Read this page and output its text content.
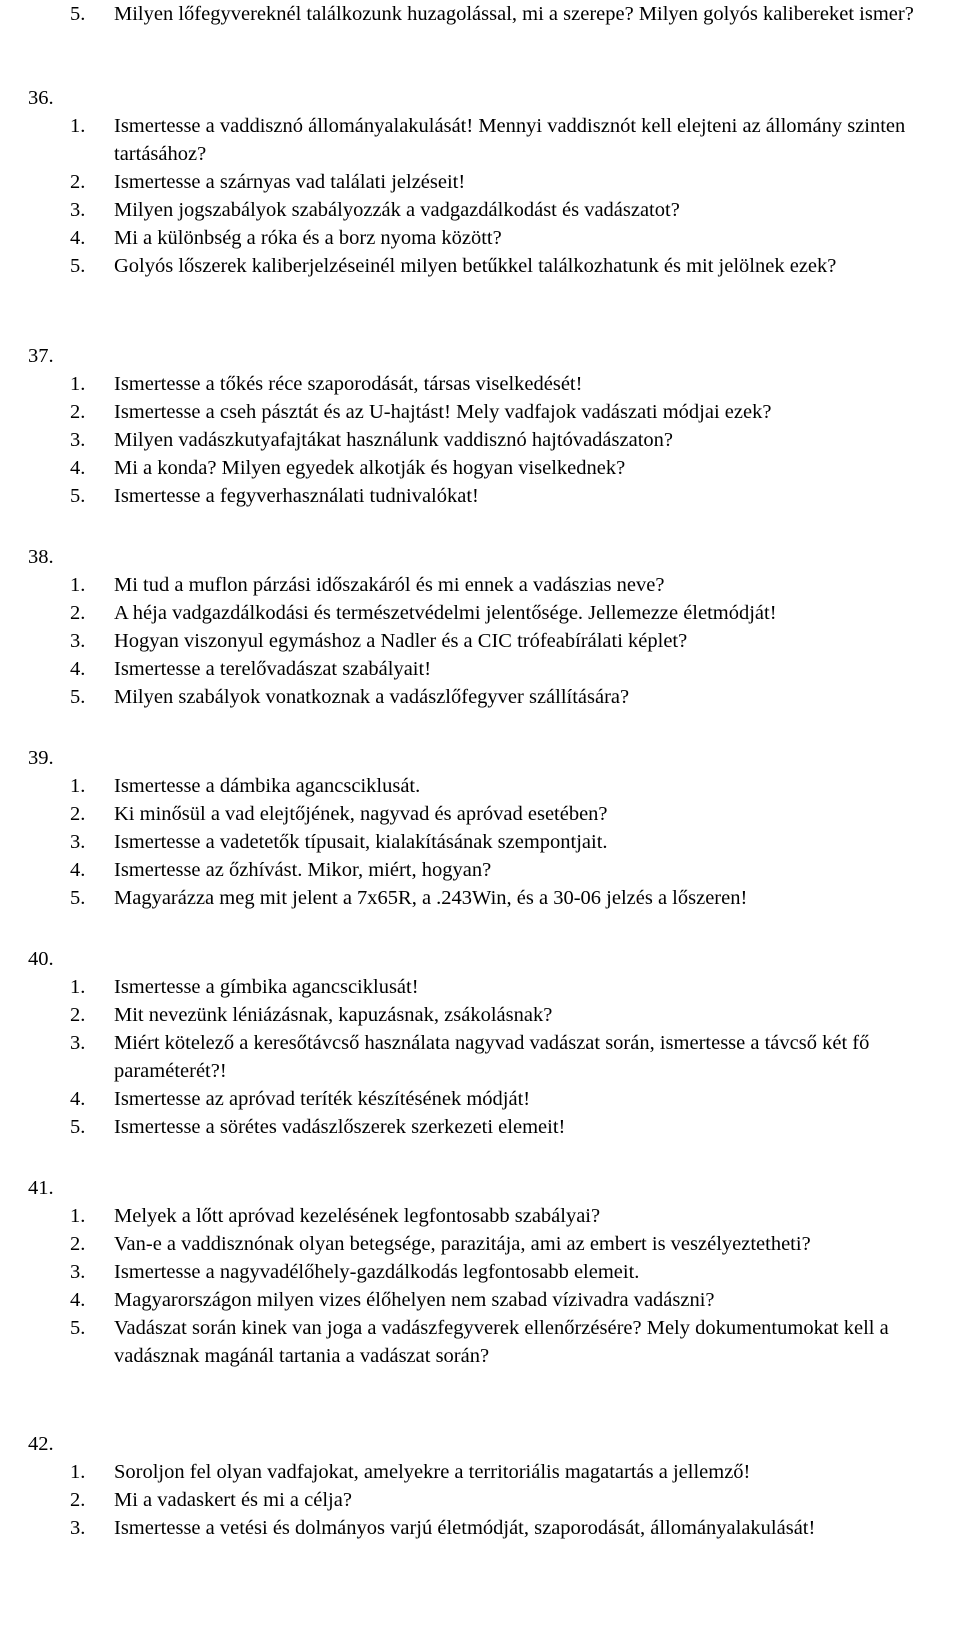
5.	Milyen lőfegyvereknél találkozunk huzagolással, mi a szerepe? Milyen golyós kalibereket ismer?
36.
1.	Ismertesse a vaddisznó állományalakulását! Mennyi vaddisznót kell elejteni az állomány szinten tartásához?
2.	Ismertesse a szárnyas vad találati jelzéseit!
3.	Milyen jogszabályok szabályozzák a vadgazdálkodást és vadászatot?
4.	Mi a különbség a róka és a borz nyoma között?
5.	Golyós lőszerek kaliberjelzéseinél milyen betűkkel találkozhatunk és mit jelölnek ezek?
37.
1.	Ismertesse a tőkés réce szaporodását, társas viselkedését!
2.	Ismertesse a cseh pásztát és az U-hajtást! Mely vadfajok vadászati módjai ezek?
3.	Milyen vadászkutyafajtákat használunk vaddisznó hajtóvadászaton?
4.	Mi a konda? Milyen egyedek alkotják és hogyan viselkednek?
5.	Ismertesse a fegyverhasználati tudnivalókat!
38.
1.	Mi tud a muflon párzási időszakáról és mi ennek a vadászias neve?
2.	A héja vadgazdálkodási és természetvédelmi jelentősége. Jellemezze életmódját!
3.	Hogyan viszonyul egymáshoz a Nadler és a CIC trófeabírálati képlet?
4.	Ismertesse a terelővadászat szabályait!
5.	Milyen szabályok vonatkoznak a vadászlőfegyver szállítására?
39.
1.	Ismertesse a dámbika agancsciklusát.
2.	Ki minősül a vad elejtőjének, nagyvad és apróvad esetében?
3.	Ismertesse a vadetetők típusait, kialakításának szempontjait.
4.	Ismertesse az őzhívást. Mikor, miért, hogyan?
5.	Magyarázza meg mit jelent a 7x65R, a .243Win, és a 30-06 jelzés a lőszeren!
40.
1.	Ismertesse a gímbika agancsciklusát!
2.	Mit nevezünk léniázásnak, kapuzásnak, zsákolásnak?
3.	Miért kötelező a keresőtávcső használata nagyvad vadászat során, ismertesse a távcső két fő paraméterét?!
4.	Ismertesse az apróvad teríték készítésének módját!
5.	Ismertesse a sörétes vadászlőszerek szerkezeti elemeit!
41.
1.	Melyek a lőtt apróvad kezelésének legfontosabb szabályai?
2.	Van-e a vaddisznónak olyan betegsége, parazitája, ami az embert is veszélyeztetheti?
3.	Ismertesse a nagyvadélőhely-gazdálkodás legfontosabb elemeit.
4.	Magyarországon milyen vizes élőhelyen nem szabad vízivadra vadászni?
5.	Vadászat során kinek van joga a vadászfegyverek ellenőrzésére? Mely dokumentumokat kell a vadásznak magánál tartania a vadászat során?
42.
1.	Soroljon fel olyan vadfajokat, amelyekre a territoriális magatartás a jellemző!
2.	Mi a vadaskert és mi a célja?
3.	Ismertesse a vetési és dolmányos varjú életmódját, szaporodását, állományalakulását!
